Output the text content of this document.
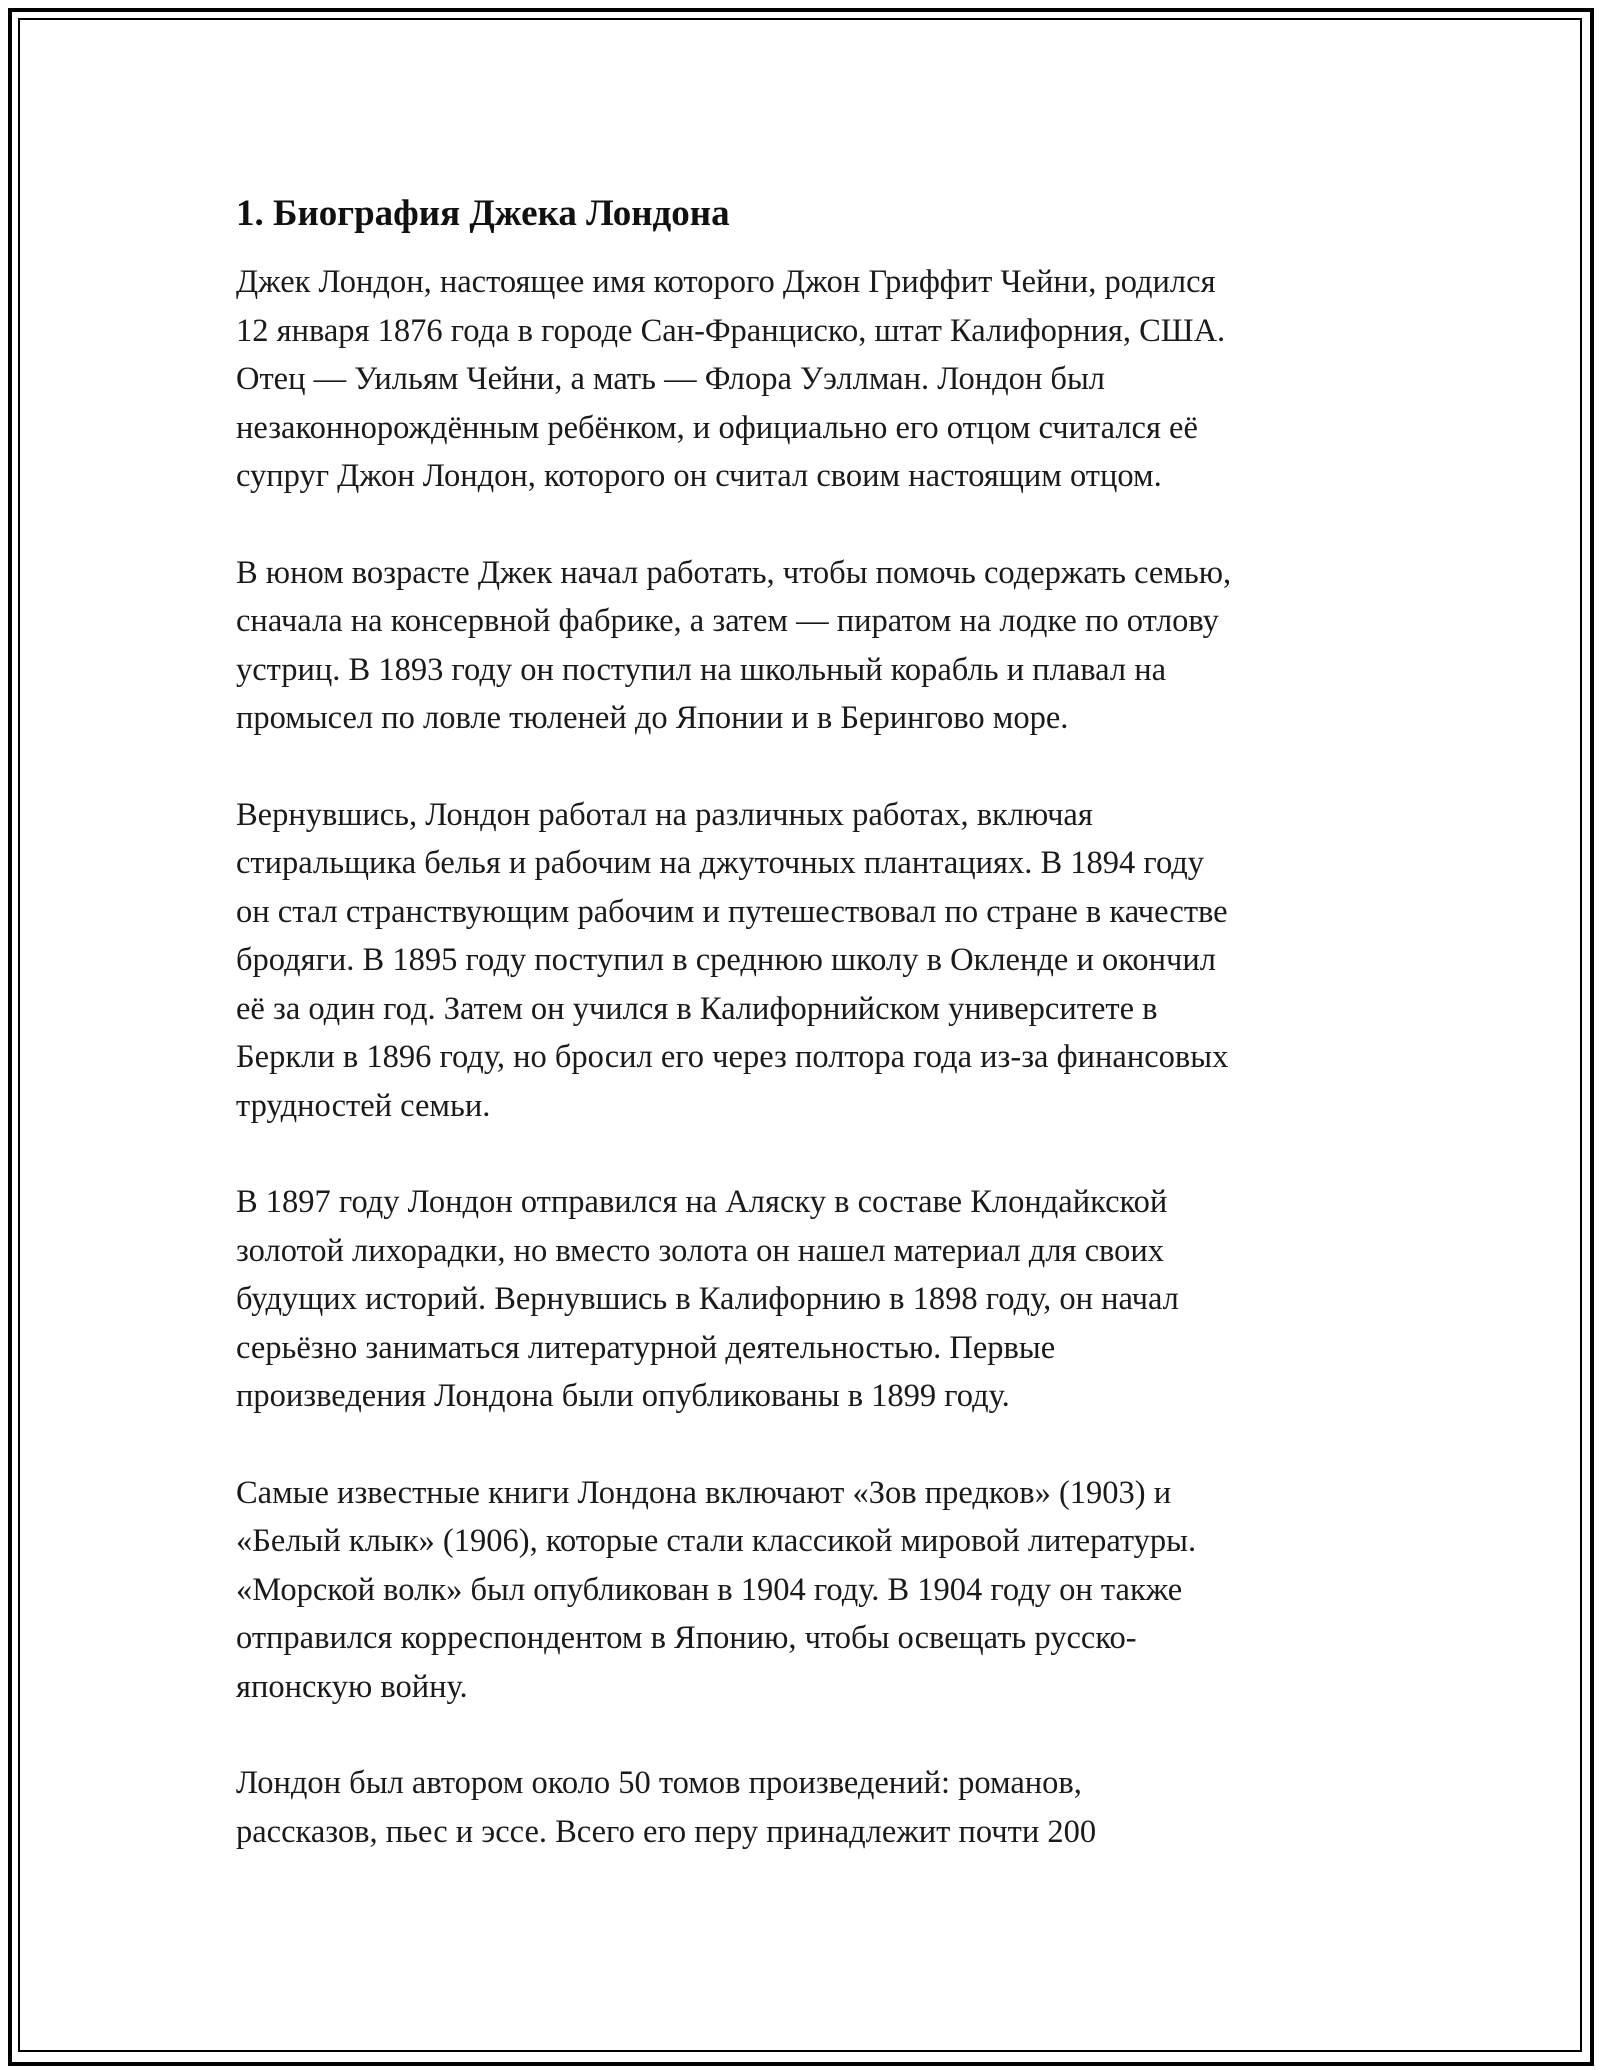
1. Биография Джека Лондона

Джек Лондон, настоящее имя которого Джон Гриффит Чейни, родился
12 января 1876 года в городе Сан-Франциско, штат Калифорния, США.
Отец — Уильям Чейни, а мать — Флора Уэллман. Лондон был
незаконнорождённым ребёнком, и официально его отцом считался её
супруг Джон Лондон, которого он считал своим настоящим отцом.

В юном возрасте Джек начал работать, чтобы помочь содержать семью,
сначала на консервной фабрике, а затем — пиратом на лодке по отлову
устриц. В 1893 году он поступил на школьный корабль и плавал на
промысел по ловле тюленей до Японии и в Берингово море.

Вернувшись, Лондон работал на различных работах, включая
стиральщика белья и рабочим на джуточных плантациях. В 1894 году
он стал странствующим рабочим и путешествовал по стране в качестве
бродяги. В 1895 году поступил в среднюю школу в Окленде и окончил
её за один год. Затем он учился в Калифорнийском университете в
Беркли в 1896 году, но бросил его через полтора года из-за финансовых
трудностей семьи.

В 1897 году Лондон отправился на Аляску в составе Клондайкской
золотой лихорадки, но вместо золота он нашел материал для своих
будущих историй. Вернувшись в Калифорнию в 1898 году, он начал
серьёзно заниматься литературной деятельностью. Первые
произведения Лондона были опубликованы в 1899 году.

Самые известные книги Лондона включают «Зов предков» (1903) и
«Белый клык» (1906), которые стали классикой мировой литературы.
«Морской волк» был опубликован в 1904 году. В 1904 году он также
отправился корреспондентом в Японию, чтобы освещать русско-
японскую войну.

Лондон был автором около 50 томов произведений: романов,
рассказов, пьес и эссе. Всего его перу принадлежит почти 200
